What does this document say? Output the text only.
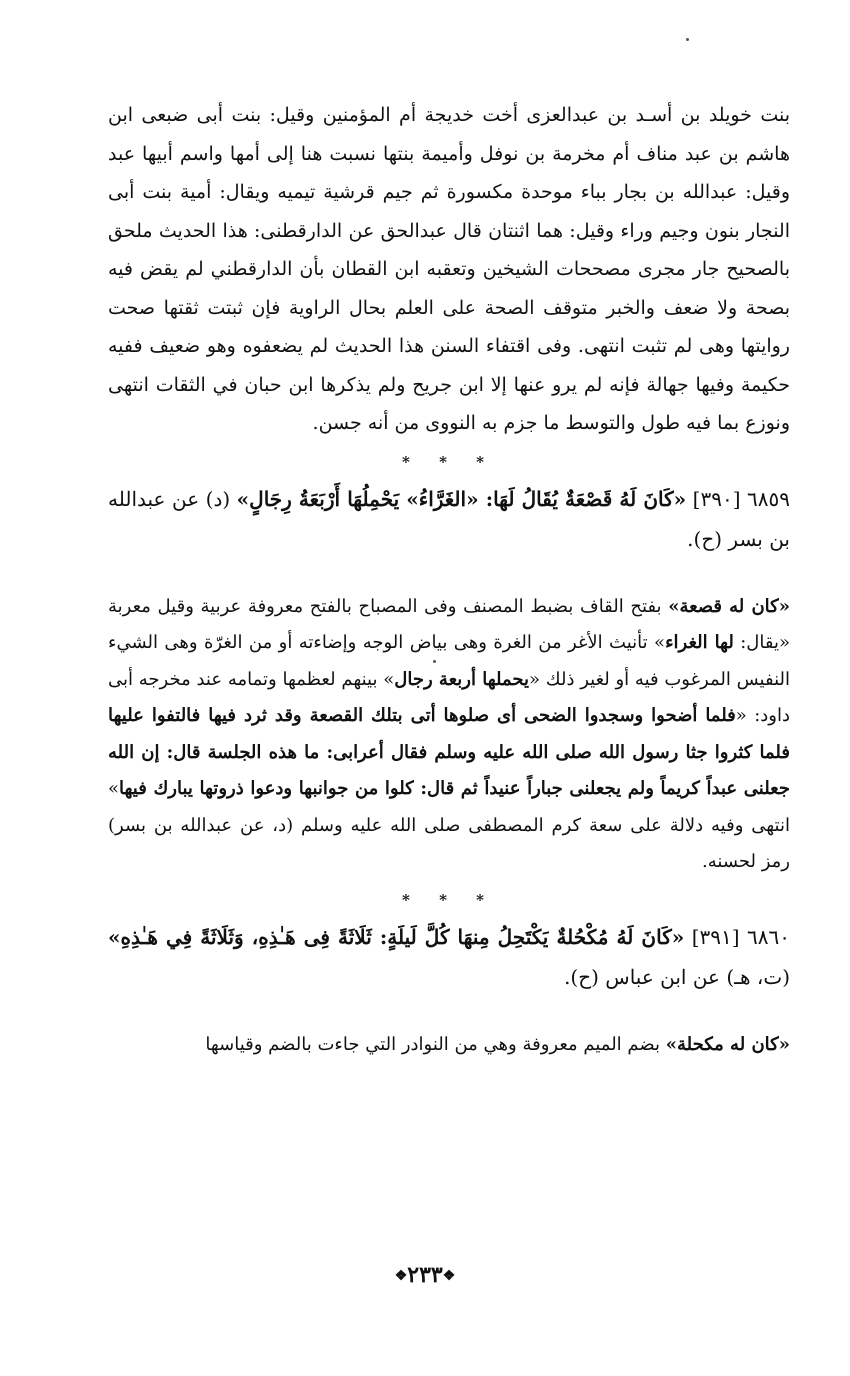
بنت خويلد بن أسـد بن عبدالعزى أخت خديجة أم المؤمنين وقيل: بنت أبى ضبعى ابن هاشم بن عبد مناف أم مخرمة بن نوفل وأميمة بنتها نسبت هنا إلى أمها واسم أبيها عبد وقيل: عبدالله بن بجار بباء موحدة مكسورة ثم جيم قرشية تيميه ويقال: أمية بنت أبى النجار بنون وجيم وراء وقيل: هما اثنتان قال عبدالحق عن الدارقطنى: هذا الحديث ملحق بالصحيح جار مجرى مصححات الشيخين وتعقبه ابن القطان بأن الدارقطني لم يقض فيه بصحة ولا ضعف والخبر متوقف الصحة على العلم بحال الراوية فإن ثبتت ثقتها صحت روايتها وهى لم تثبت انتهى. وفى اقتفاء السنن هذا الحديث لم يضعفوه وهو ضعيف ففيه حكيمة وفيها جهالة فإنه لم يرو عنها إلا ابن جريح ولم يذكرها ابن حبان في الثقات انتهى ونوزع بما فيه طول والتوسط ما جزم به النووى من أنه جسن.

* * *

٦٨٥٩ [٣٩٠] «كَانَ لَهُ قَصْعَةٌ يُقَالُ لَهَا: «الغَرَّاءُ» يَحْمِلُهَا أَرْبَعَةُ رِجَالٍ» (د) عن عبدالله بن بسر (ح).

«كان له قصعة» بفتح القاف بضبط المصنف وفى المصباح بالفتح معروفة عربية وقيل معربة «يقال: لها الغراء» تأنيث الأغر من الغرة وهى بياض الوجه وإضاءته أو من الغرّة وهى الشيء النفيس المرغوب فيه أو لغير ذلك «يحملها أربعة رجال» بينهم لعظمها وتمامه عند مخرجه أبى داود: «فلما أضحوا وسجدوا الضحى أى صلوها أتى بتلك القصعة وقد ثرد فيها فالتفوا عليها فلما كثروا جثا رسول الله صلى الله عليه وسلم فقال أعرابى: ما هذه الجلسة قال: إن الله جعلنى عبداً كريماً ولم يجعلنى جباراً عنيداً ثم قال: كلوا من جوانبها ودعوا ذروتها يبارك فيها» انتهى وفيه دلالة على سعة كرم المصطفى صلى الله عليه وسلم (د، عن عبدالله بن بسر) رمز لحسنه.

* * *

٦٨٦٠ [٣٩١] «كَانَ لَهُ مُكْحُلةٌ يَكْتَحِلُ مِنهَا كُلَّ لَيلَةٍ: ثَلَاثَةً فِى هَـٰذِهِ، وَثَلَاثَةً فِي هَـٰذِهِ» (ت، هـ) عن ابن عباس (ح).

«كان له مكحلة» بضم الميم معروفة وهي من النوادر التي جاءت بالضم وقياسها

❖٢٣٣❖
